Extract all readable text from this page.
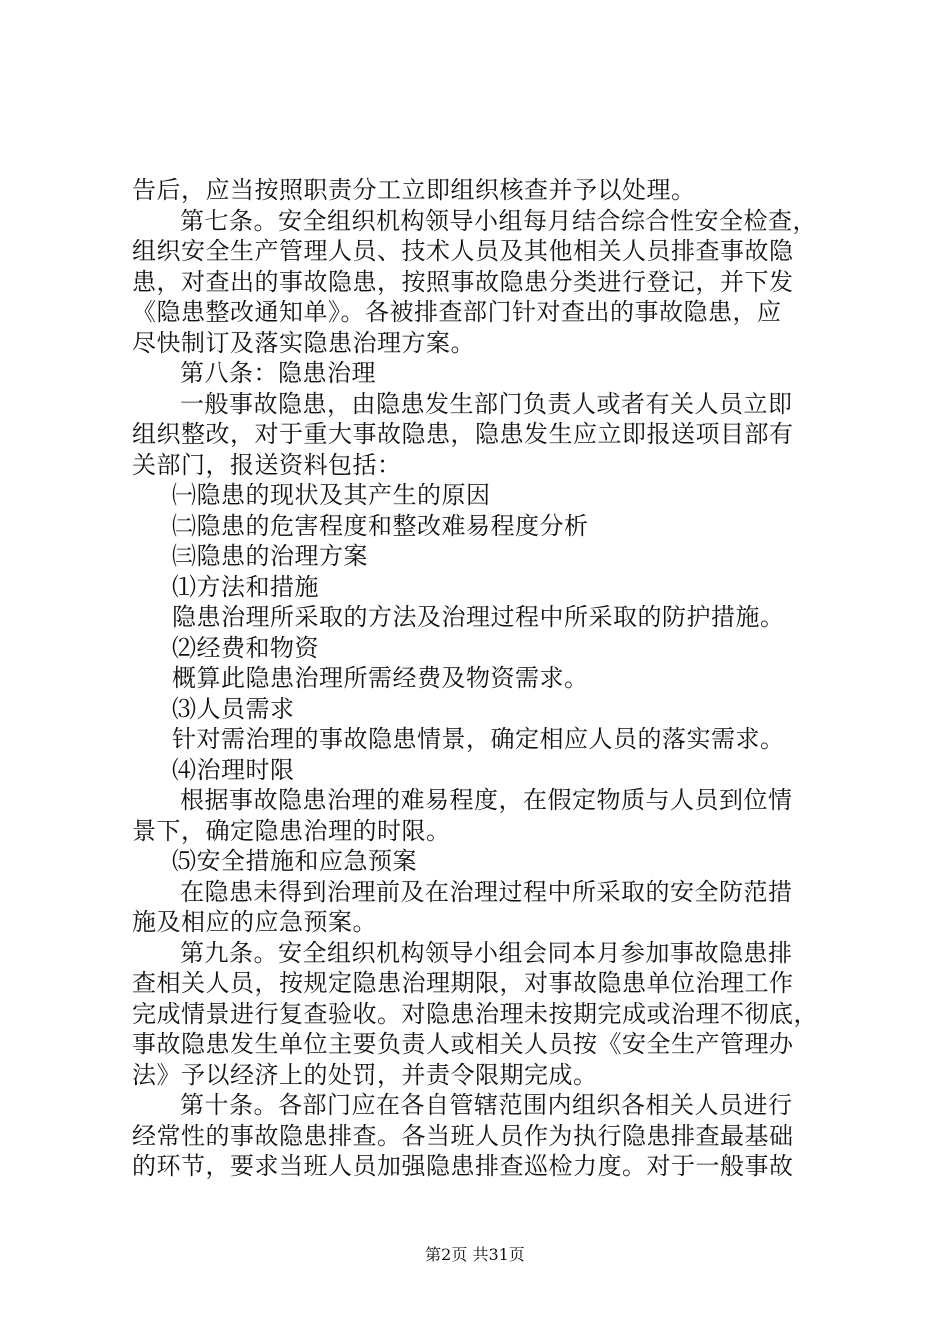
告后，应当按照职责分工立即组织核查并予以处理。
第七条。安全组织机构领导小组每月结合综合性安全检查，
组织安全生产管理人员、技术人员及其他相关人员排查事故隐
患，对查出的事故隐患，按照事故隐患分类进行登记，并下发
《隐患整改通知单》。各被排查部门针对查出的事故隐患，应
尽快制订及落实隐患治理方案。
第八条：隐患治理
一般事故隐患，由隐患发生部门负责人或者有关人员立即
组织整改，对于重大事故隐患，隐患发生应立即报送项目部有
关部门，报送资料包括：
㈠隐患的现状及其产生的原因
㈡隐患的危害程度和整改难易程度分析
㈢隐患的治理方案
⑴方法和措施
隐患治理所采取的方法及治理过程中所采取的防护措施。
⑵经费和物资
概算此隐患治理所需经费及物资需求。
⑶人员需求
针对需治理的事故隐患情景，确定相应人员的落实需求。
⑷治理时限
根据事故隐患治理的难易程度，在假定物质与人员到位情
景下，确定隐患治理的时限。
⑸安全措施和应急预案
在隐患未得到治理前及在治理过程中所采取的安全防范措
施及相应的应急预案。
第九条。安全组织机构领导小组会同本月参加事故隐患排
查相关人员，按规定隐患治理期限，对事故隐患单位治理工作
完成情景进行复查验收。对隐患治理未按期完成或治理不彻底，
事故隐患发生单位主要负责人或相关人员按《安全生产管理办
法》予以经济上的处罚，并责令限期完成。
第十条。各部门应在各自管辖范围内组织各相关人员进行
经常性的事故隐患排查。各当班人员作为执行隐患排查最基础
的环节，要求当班人员加强隐患排查巡检力度。对于一般事故
第2页 共31页
